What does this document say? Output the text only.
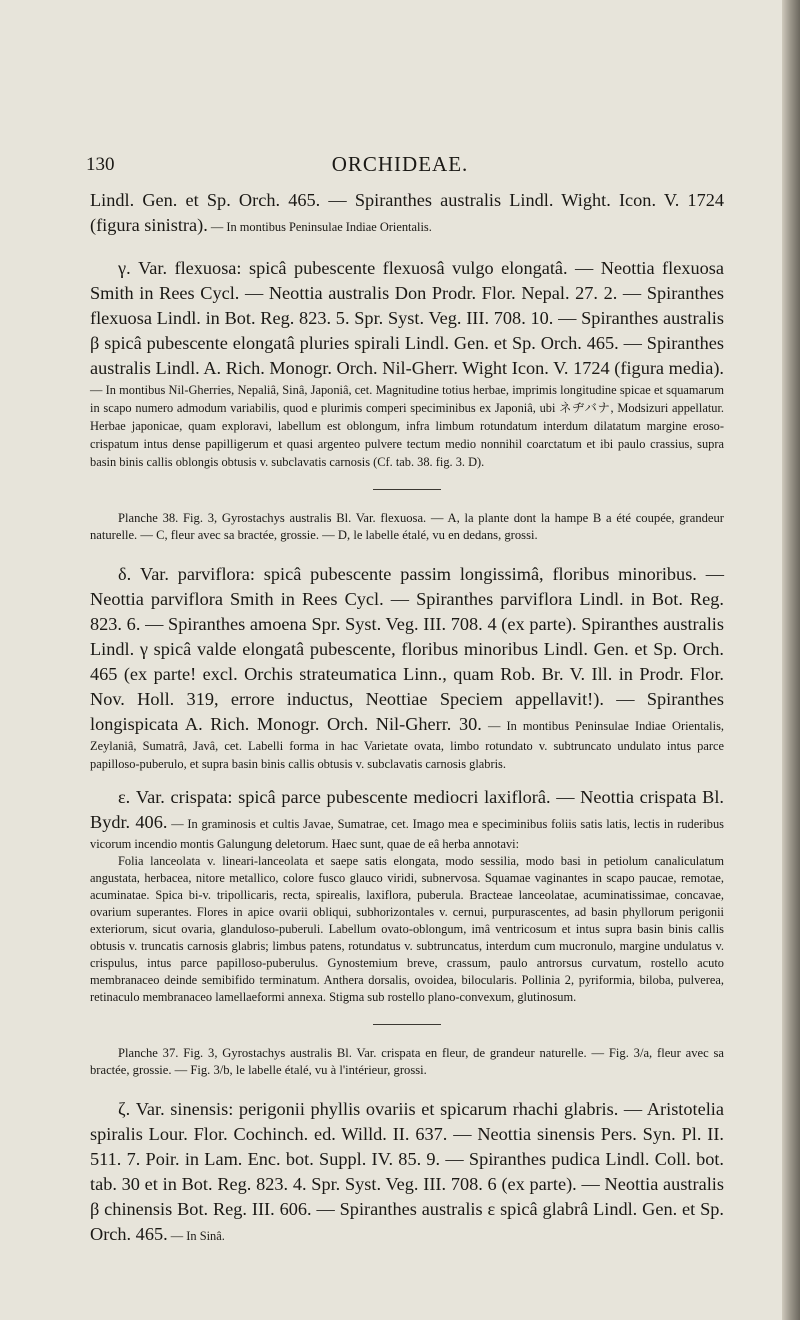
130	ORCHIDEAE.

Lindl. Gen. et Sp. Orch. 465. — Spiranthes australis Lindl. Wight. Icon. V. 1724 (figura sinistra). — In montibus Peninsulae Indiae Orientalis.

γ. Var. flexuosa: spicâ pubescente flexuosâ vulgo elongatâ. — Neottia flexuosa Smith in Rees Cycl. — Neottia australis Don Prodr. Flor. Nepal. 27. 2. — Spiranthes flexuosa Lindl. in Bot. Reg. 823. 5. Spr. Syst. Veg. III. 708. 10. — Spiranthes australis β spicâ pubescente elongatâ pluries spirali Lindl. Gen. et Sp. Orch. 465. — Spiranthes australis Lindl. A. Rich. Monogr. Orch. Nil-Gherr. Wight Icon. V. 1724 (figura media). — In montibus Nil-Gherries, Nepaliâ, Sinâ, Japoniâ, cet. Magnitudine totius herbae, imprimis longitudine spicae et squamarum in scapo numero admodum variabilis, quod e plurimis comperi speciminibus ex Japoniâ, ubi ネヂバナ, Modsizuri appellatur. Herbae japonicae, quam exploravi, labellum est oblongum, infra limbum rotundatum interdum dilatatum margine eroso-crispatum intus dense papilligerum et quasi argenteo pulvere tectum medio nonnihil coarctatum et ibi paulo crassius, supra basin binis callis oblongis obtusis v. subclavatis carnosis (Cf. tab. 38. fig. 3. D).

Planche 38. Fig. 3, Gyrostachys australis Bl. Var. flexuosa. — A, la plante dont la hampe B a été coupée, grandeur naturelle. — C, fleur avec sa bractée, grossie. — D, le labelle étalé, vu en dedans, grossi.

δ. Var. parviflora: spicâ pubescente passim longissimâ, floribus minoribus. — Neottia parviflora Smith in Rees Cycl. — Spiranthes parviflora Lindl. in Bot. Reg. 823. 6. — Spiranthes amoena Spr. Syst. Veg. III. 708. 4 (ex parte). Spiranthes australis Lindl. γ spicâ valde elongatâ pubescente, floribus minoribus Lindl. Gen. et Sp. Orch. 465 (ex parte! excl. Orchis strateumatica Linn., quam Rob. Br. V. Ill. in Prodr. Flor. Nov. Holl. 319, errore inductus, Neottiae Speciem appellavit!). — Spiranthes longispicata A. Rich. Monogr. Orch. Nil-Gherr. 30. — In montibus Peninsulae Indiae Orientalis, Zeylaniâ, Sumatrâ, Javâ, cet. Labelli forma in hac Varietate ovata, limbo rotundato v. subtruncato undulato intus parce papilloso-puberulo, et supra basin binis callis obtusis v. subclavatis carnosis glabris.

ε. Var. crispata: spicâ parce pubescente mediocri laxiflorâ. — Neottia crispata Bl. Bydr. 406. — In graminosis et cultis Javae, Sumatrae, cet. Imago mea e speciminibus foliis satis latis, lectis in ruderibus vicorum incendio montis Galungung deletorum. Haec sunt, quae de eâ herba annotavi:

Folia lanceolata v. lineari-lanceolata et saepe satis elongata, modo sessilia, modo basi in petiolum canaliculatum angustata, herbacea, nitore metallico, colore fusco glauco viridi, subnervosa. Squamae vaginantes in scapo paucae, remotae, acuminatae. Spica bi-v. tripollicaris, recta, spirealis, laxiflora, puberula. Bracteae lanceolatae, acuminatissimae, concavae, ovarium superantes. Flores in apice ovarii obliqui, subhorizontales v. cernui, purpurascentes, ad basin phyllorum perigonii exteriorum, sicut ovaria, glanduloso-puberuli. Labellum ovato-oblongum, imâ ventricosum et intus supra basin binis callis obtusis v. truncatis carnosis glabris; limbus patens, rotundatus v. subtruncatus, interdum cum mucronulo, margine undulatus v. crispulus, intus parce papilloso-puberulus. Gynostemium breve, crassum, paulo antrorsus curvatum, rostello acuto membranaceo deinde semibifido terminatum. Anthera dorsalis, ovoidea, bilocularis. Pollinia 2, pyriformia, biloba, pulverea, retinaculo membranaceo lamellaeformi annexa. Stigma sub rostello plano-convexum, glutinosum.

Planche 37. Fig. 3, Gyrostachys australis Bl. Var. crispata en fleur, de grandeur naturelle. — Fig. 3/a, fleur avec sa bractée, grossie. — Fig. 3/b, le labelle étalé, vu à l'intérieur, grossi.

ζ. Var. sinensis: perigonii phyllis ovariis et spicarum rhachi glabris. — Aristotelia spiralis Lour. Flor. Cochinch. ed. Willd. II. 637. — Neottia sinensis Pers. Syn. Pl. II. 511. 7. Poir. in Lam. Enc. bot. Suppl. IV. 85. 9. — Spiranthes pudica Lindl. Coll. bot. tab. 30 et in Bot. Reg. 823. 4. Spr. Syst. Veg. III. 708. 6 (ex parte). — Neottia australis β chinensis Bot. Reg. III. 606. — Spiranthes australis ε spicâ glabrâ Lindl. Gen. et Sp. Orch. 465. — In Sinâ.
